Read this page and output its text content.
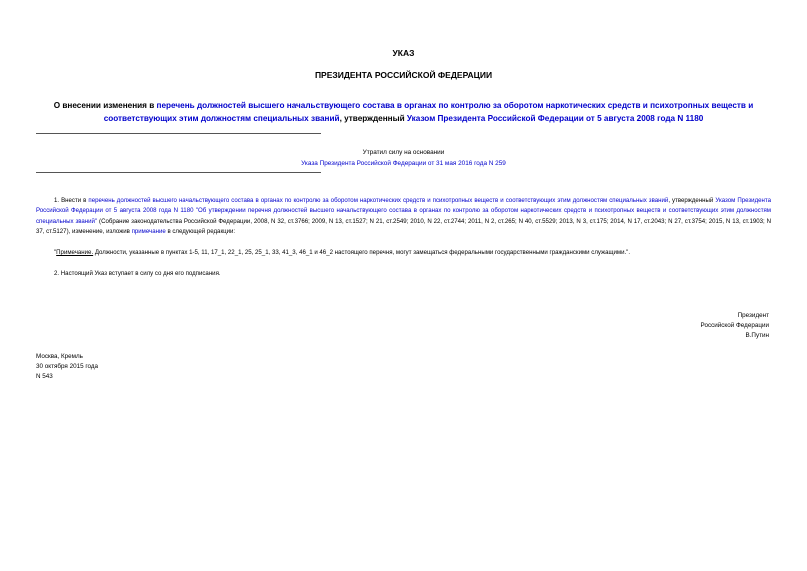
УКАЗ
ПРЕЗИДЕНТА РОССИЙСКОЙ ФЕДЕРАЦИИ
О внесении изменения в перечень должностей высшего начальствующего состава в органах по контролю за оборотом наркотических средств и психотропных веществ и соответствующих этим должностям специальных званий, утвержденный Указом Президента Российской Федерации от 5 августа 2008 года N 1180
Утратил силу на основании
Указа Президента Российской Федерации от 31 мая 2016 года N 259
1. Внести в перечень должностей высшего начальствующего состава в органах по контролю за оборотом наркотических средств и психотропных веществ и соответствующих этим должностям специальных званий, утвержденный Указом Президента Российской Федерации от 5 августа 2008 года N 1180 "Об утверждении перечня должностей высшего начальствующего состава в органах по контролю за оборотом наркотических средств и психотропных веществ и соответствующих этим должностям специальных званий" (Собрание законодательства Российской Федерации, 2008, N 32, ст.3766; 2009, N 13, ст.1527; N 21, ст.2549; 2010, N 22, ст.2744; 2011, N 2, ст.265; N 40, ст.5529; 2013, N 3, ст.175; 2014, N 17, ст.2043; N 27, ст.3754; 2015, N 13, ст.1903; N 37, ст.5127), изменение, изложив примечание в следующей редакции:
"Примечание. Должности, указанные в пунктах 1-5, 11, 17_1, 22_1, 25, 25_1, 33, 41_3, 46_1 и 46_2 настоящего перечня, могут замещаться федеральными государственными гражданскими служащими.".
2. Настоящий Указ вступает в силу со дня его подписания.
Президент
Российской Федерации
В.Путин
Москва, Кремль
30 октября 2015 года
N 543
